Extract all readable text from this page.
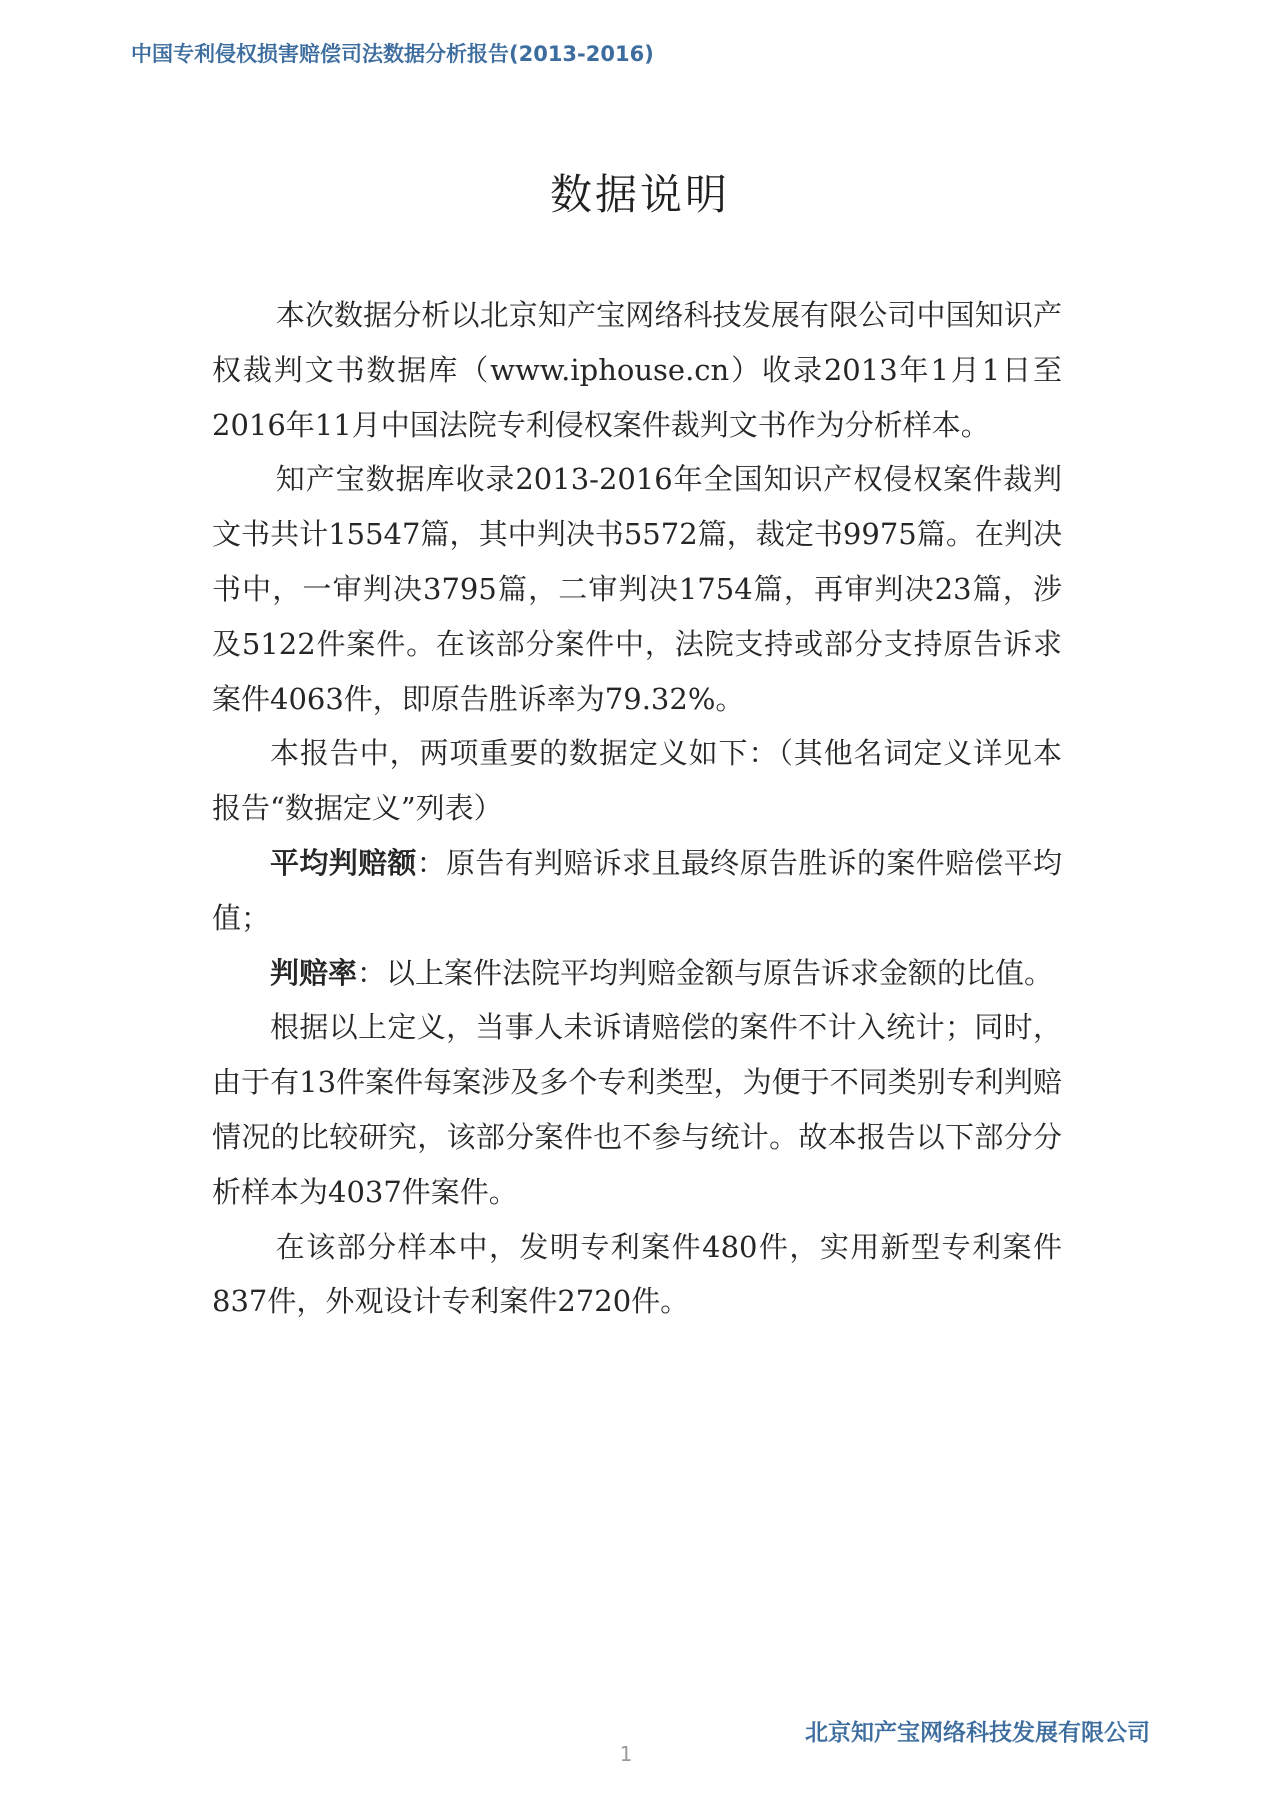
中国专利侵权损害赔偿司法数据分析报告(2013-2016)
数据说明

本次数据分析以北京知产宝网络科技发展有限公司中国知识产权裁判文书数据库（www.iphouse.cn）收录2013年1月1日至2016年11月中国法院专利侵权案件裁判文书作为分析样本。

知产宝数据库收录2013-2016年全国知识产权侵权案件裁判文书共计15547篇，其中判决书5572篇，裁定书9975篇。在判决书中，一审判决3795篇，二审判决1754篇，再审判决23篇，涉及5122件案件。在该部分案件中，法院支持或部分支持原告诉求案件4063件，即原告胜诉率为79.32%。

本报告中，两项重要的数据定义如下：（其他名词定义详见本报告“数据定义”列表）

平均判赔额：原告有判赔诉求且最终原告胜诉的案件赔偿平均值；

判赔率：以上案件法院平均判赔金额与原告诉求金额的比值。

根据以上定义，当事人未诉请赔偿的案件不计入统计；同时，由于有13件案件每案涉及多个专利类型，为便于不同类别专利判赔情况的比较研究，该部分案件也不参与统计。故本报告以下部分分析样本为4037件案件。

在该部分样本中，发明专利案件480件，实用新型专利案件837件，外观设计专利案件2720件。

北京知产宝网络科技发展有限公司
1
